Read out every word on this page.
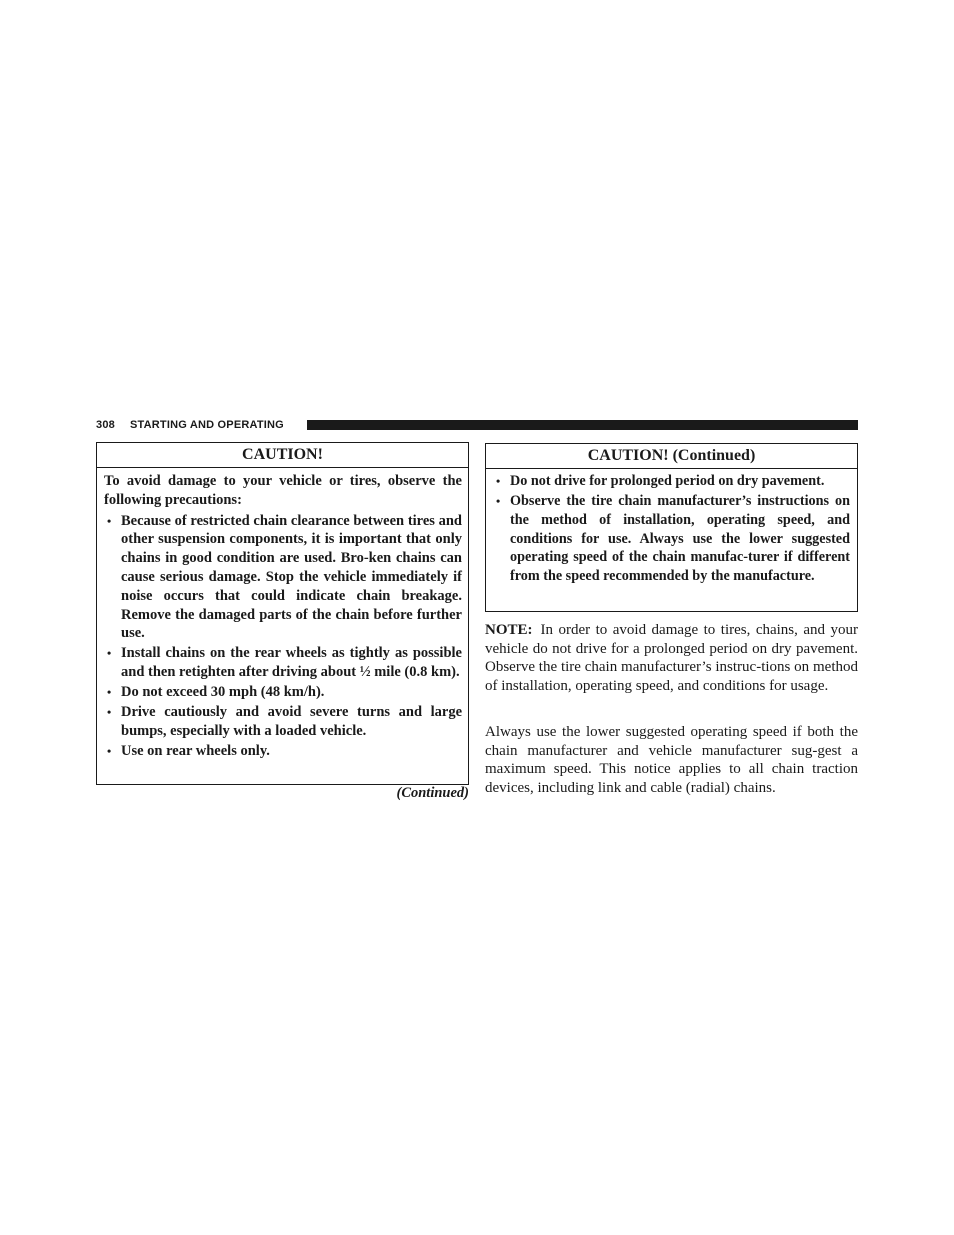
308 STARTING AND OPERATING
CAUTION!

To avoid damage to your vehicle or tires, observe the following precautions:

• Because of restricted chain clearance between tires and other suspension components, it is important that only chains in good condition are used. Bro-ken chains can cause serious damage. Stop the vehicle immediately if noise occurs that could indicate chain breakage. Remove the damaged parts of the chain before further use.
• Install chains on the rear wheels as tightly as possible and then retighten after driving about ½ mile (0.8 km).
• Do not exceed 30 mph (48 km/h).
• Drive cautiously and avoid severe turns and large bumps, especially with a loaded vehicle.
• Use on rear wheels only.
(Continued)
CAUTION! (Continued)
• Do not drive for prolonged period on dry pavement.
• Observe the tire chain manufacturer’s instructions on the method of installation, operating speed, and conditions for use. Always use the lower suggested operating speed of the chain manufac-turer if different from the speed recommended by the manufacture.

NOTE: In order to avoid damage to tires, chains, and your vehicle do not drive for a prolonged period on dry pavement. Observe the tire chain manufacturer’s instruc-tions on method of installation, operating speed, and conditions for usage.

Always use the lower suggested operating speed if both the chain manufacturer and vehicle manufacturer sug-gest a maximum speed. This notice applies to all chain traction devices, including link and cable (radial) chains.
